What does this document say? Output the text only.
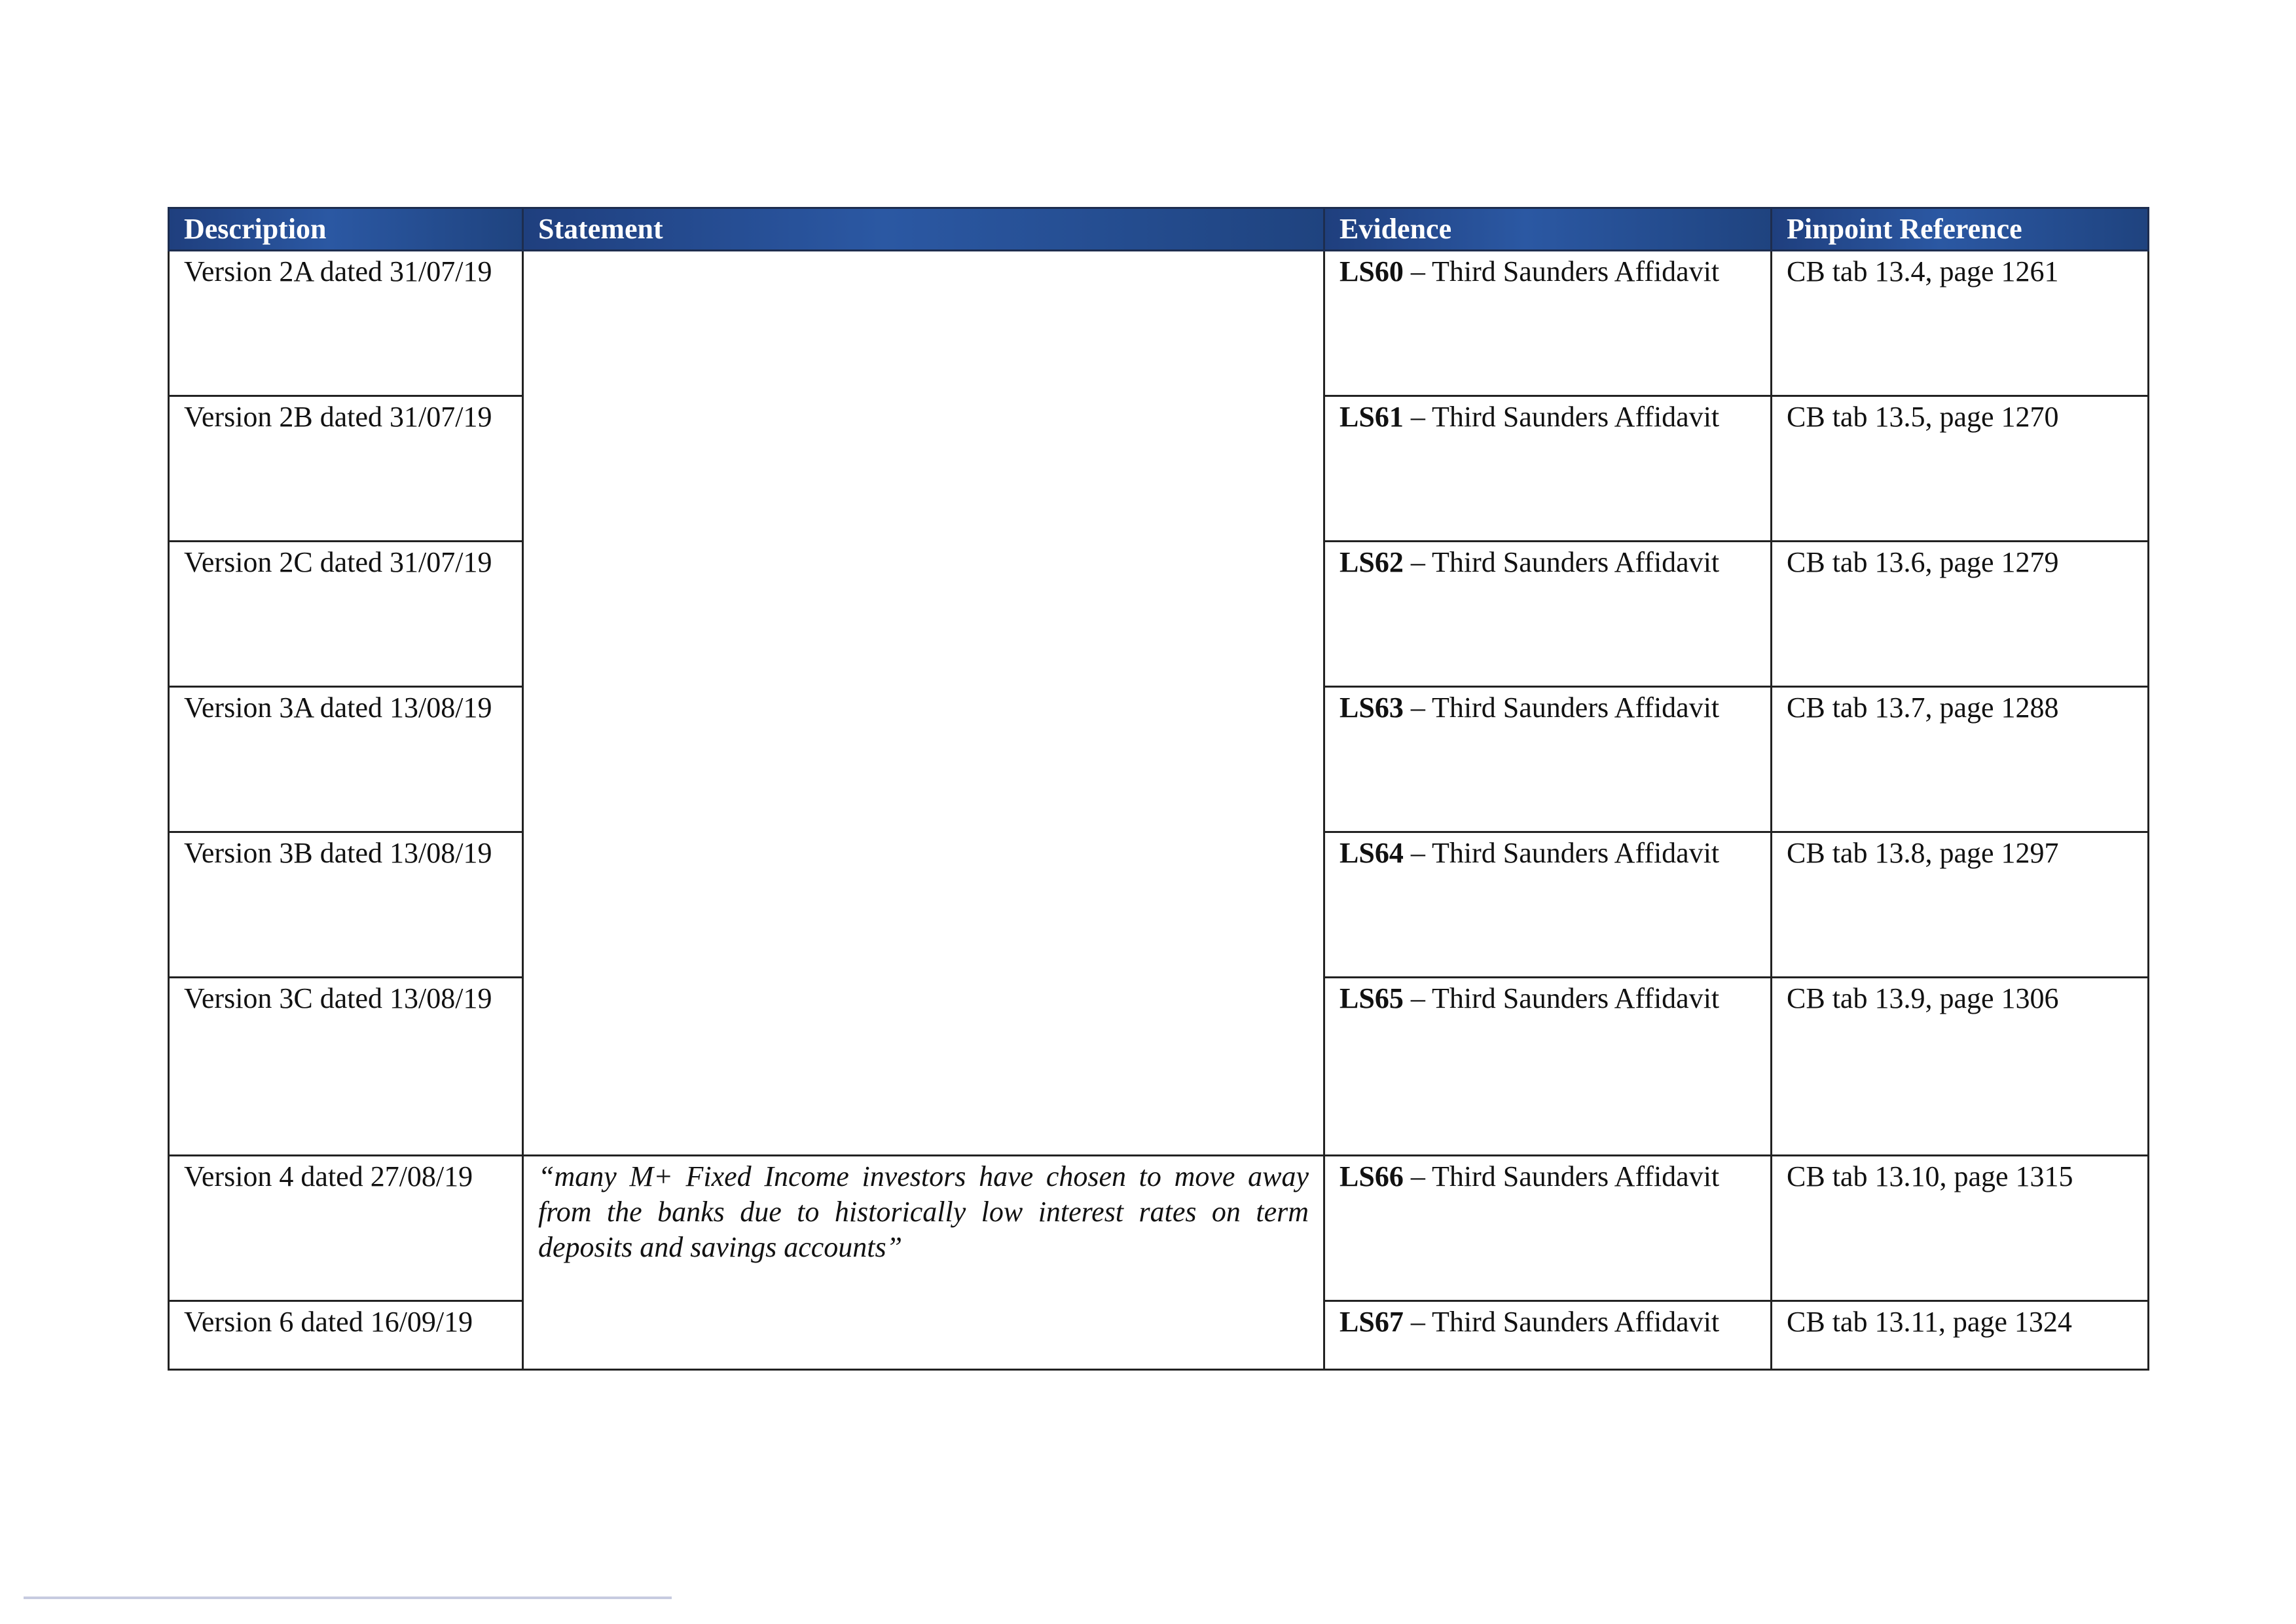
Description	Statement	Evidence	Pinpoint Reference
Version 2A dated 31/07/19		LS60 – Third Saunders Affidavit	CB tab 13.4, page 1261
Version 2B dated 31/07/19		LS61 – Third Saunders Affidavit	CB tab 13.5, page 1270
Version 2C dated 31/07/19		LS62 – Third Saunders Affidavit	CB tab 13.6, page 1279
Version 3A dated 13/08/19		LS63 – Third Saunders Affidavit	CB tab 13.7, page 1288
Version 3B dated 13/08/19		LS64 – Third Saunders Affidavit	CB tab 13.8, page 1297
Version 3C dated 13/08/19		LS65 – Third Saunders Affidavit	CB tab 13.9, page 1306
Version 4 dated 27/08/19	“many M+ Fixed Income investors have chosen to move away from the banks due to historically low interest rates on term deposits and savings accounts”	LS66 – Third Saunders Affidavit	CB tab 13.10, page 1315
Version 6 dated 16/09/19		LS67 – Third Saunders Affidavit	CB tab 13.11, page 1324
